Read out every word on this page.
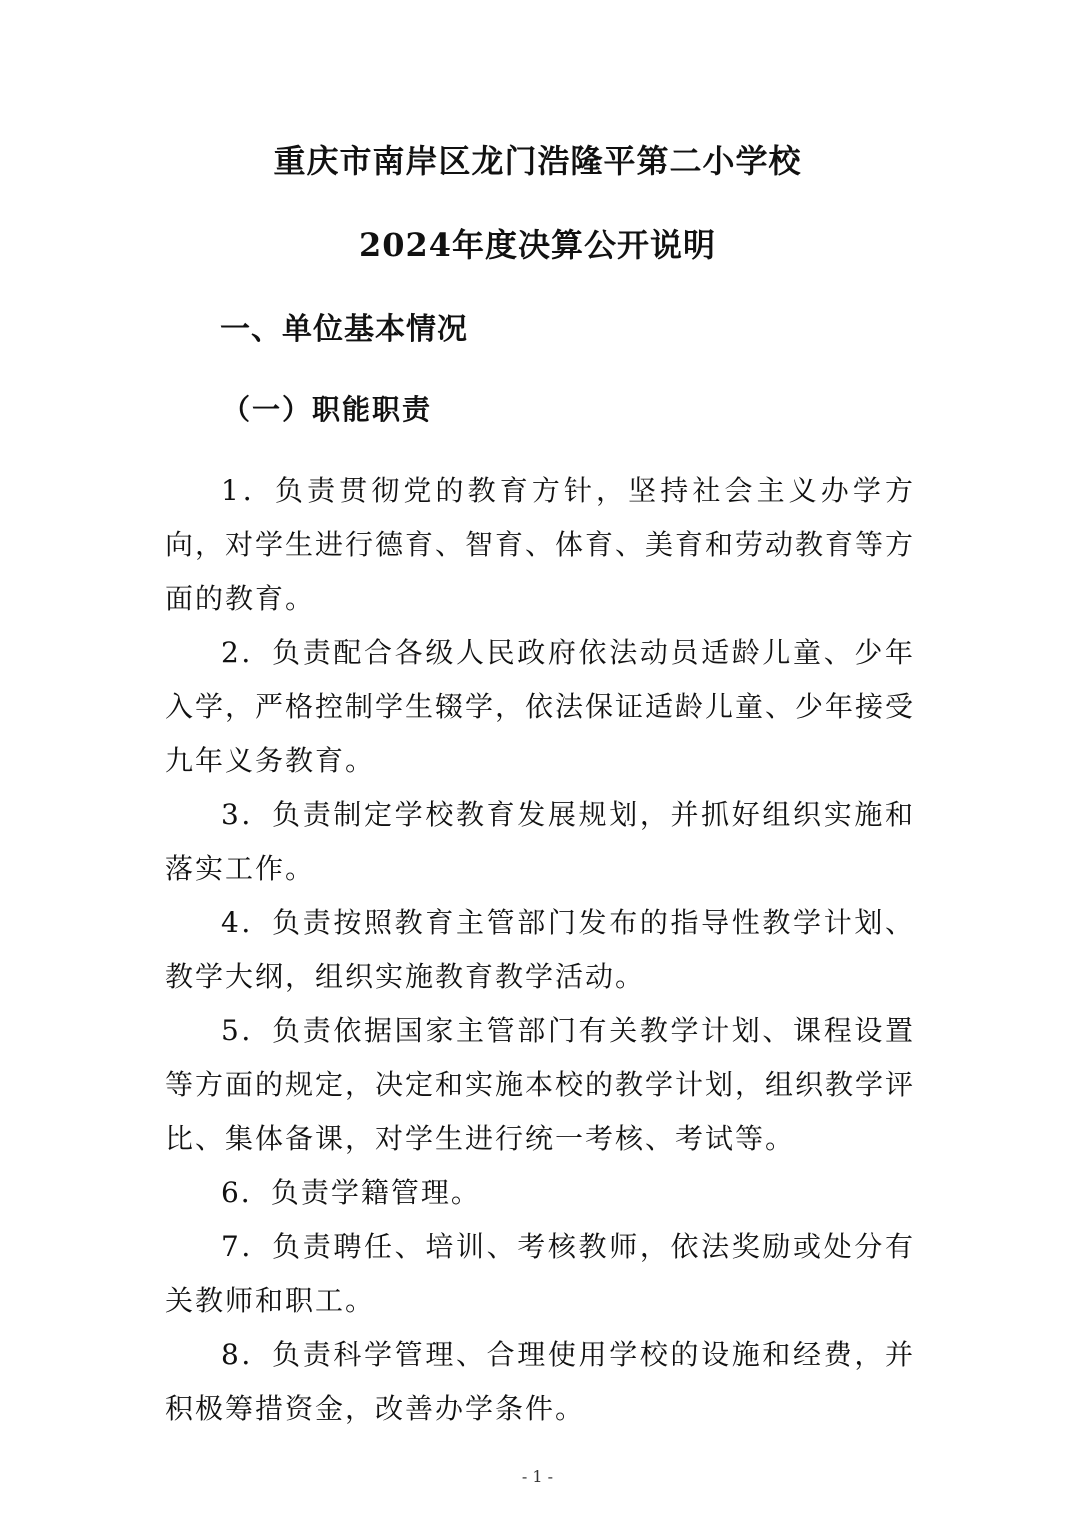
重庆市南岸区龙门浩隆平第二小学校
2024年度决算公开说明
一、单位基本情况
（一）职能职责

1．负责贯彻党的教育方针，坚持社会主义办学方向，对学生进行德育、智育、体育、美育和劳动教育等方面的教育。

2．负责配合各级人民政府依法动员适龄儿童、少年入学，严格控制学生辍学，依法保证适龄儿童、少年接受九年义务教育。

3．负责制定学校教育发展规划，并抓好组织实施和落实工作。

4．负责按照教育主管部门发布的指导性教学计划、教学大纲，组织实施教育教学活动。

5．负责依据国家主管部门有关教学计划、课程设置等方面的规定，决定和实施本校的教学计划，组织教学评比、集体备课，对学生进行统一考核、考试等。

6．负责学籍管理。

7．负责聘任、培训、考核教师，依法奖励或处分有关教师和职工。

8．负责科学管理、合理使用学校的设施和经费，并积极筹措资金，改善办学条件。

- 1 -
